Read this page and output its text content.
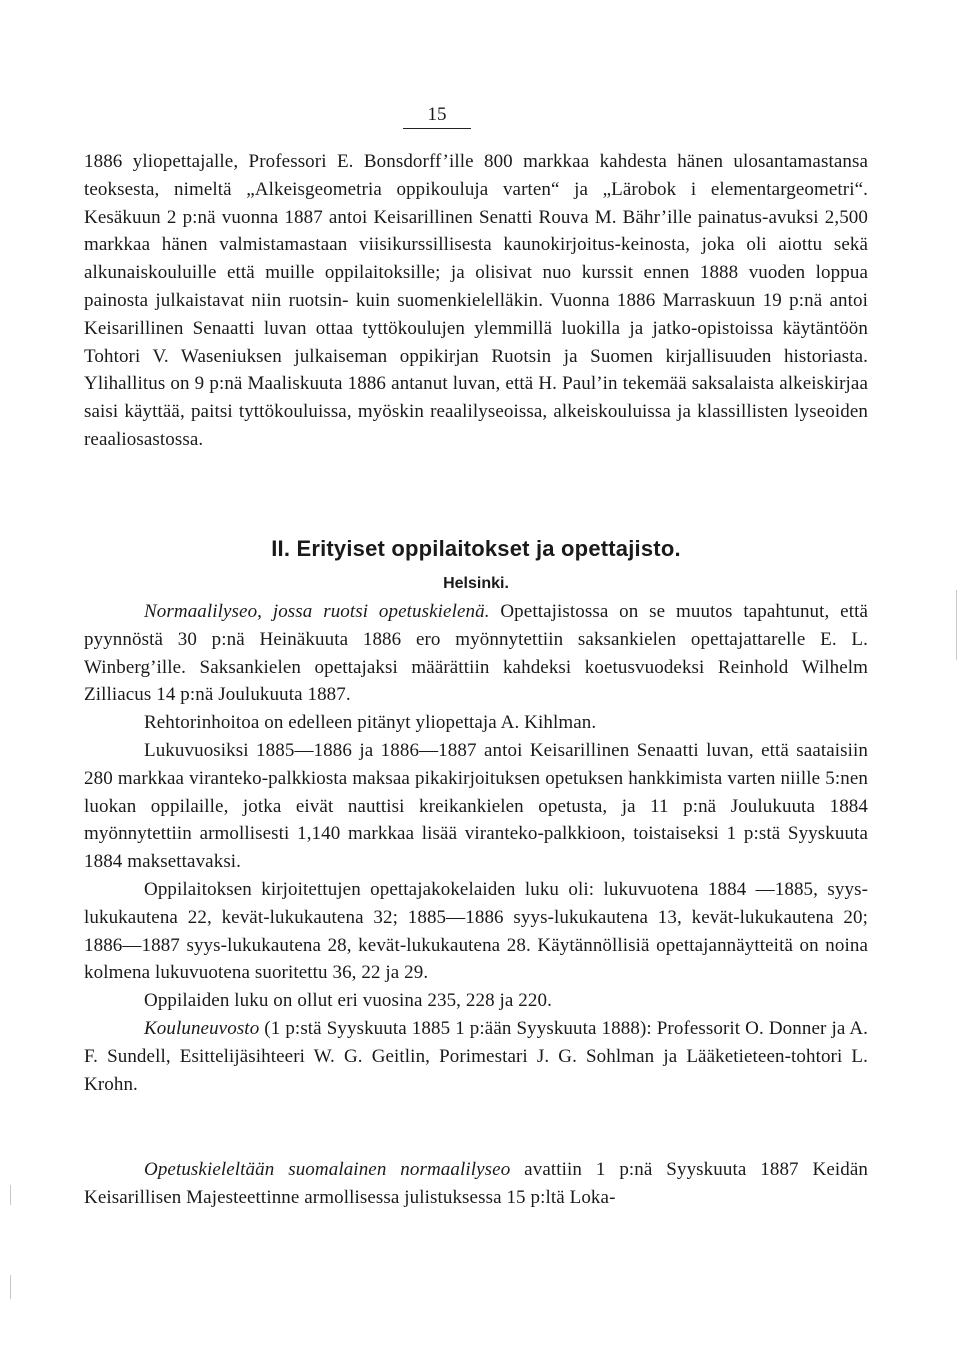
15

1886 yliopettajalle, Professori E. Bonsdorff’ille 800 markkaa kahdesta hänen ulosantamastansa teoksesta, nimeltä „Alkeisgeometria oppikouluja varten“ ja „Lärobok i elementargeometri“. Kesäkuun 2 p:nä vuonna 1887 antoi Keisarillinen Senatti Rouva M. Bähr’ille painatus-avuksi 2,500 markkaa hänen valmistamastaan viisikurssillisesta kaunokirjoitus-keinosta, joka oli aiottu sekä alkunaiskouluille että muille oppilaitoksille; ja olisivat nuo kurssit ennen 1888 vuoden loppua painosta julkaistavat niin ruotsin- kuin suomenkielelläkin. Vuonna 1886 Marraskuun 19 p:nä antoi Keisarillinen Senaatti luvan ottaa tyttökoulujen ylemmillä luokilla ja jatko-opistoissa käytäntöön Tohtori V. Waseniuksen julkaiseman oppikirjan Ruotsin ja Suomen kirjallisuuden historiasta. Ylihallitus on 9 p:nä Maaliskuuta 1886 antanut luvan, että H. Paul’in tekemää saksalaista alkeiskirjaa saisi käyttää, paitsi tyttökouluissa, myöskin reaalilyseoissa, alkeiskouluissa ja klassillisten lyseoiden reaaliosastossa.

II. Erityiset oppilaitokset ja opettajisto.
Helsinki.

Normaalilyseo, jossa ruotsi opetuskielenä. Opettajistossa on se muutos tapahtunut, että pyynnöstä 30 p:nä Heinäkuuta 1886 ero myönnytettiin saksankielen opettajattarelle E. L. Winberg’ille. Saksankielen opettajaksi määrättiin kahdeksi koetusvuodeksi Reinhold Wilhelm Zilliacus 14 p:nä Joulukuuta 1887.

Rehtorinhoitoa on edelleen pitänyt yliopettaja A. Kihlman.

Lukuvuosiksi 1885—1886 ja 1886—1887 antoi Keisarillinen Senaatti luvan, että saataisiin 280 markkaa viranteko-palkkiosta maksaa pikakirjoituksen opetuksen hankkimista varten niille 5:nen luokan oppilaille, jotka eivät nauttisi kreikankielen opetusta, ja 11 p:nä Joulukuuta 1884 myönnytettiin armollisesti 1,140 markkaa lisää viranteko-palkkioon, toistaiseksi 1 p:stä Syyskuuta 1884 maksettavaksi.

Oppilaitoksen kirjoitettujen opettajakokelaiden luku oli: lukuvuotena 1884 —1885, syys-lukukautena 22, kevät-lukukautena 32; 1885—1886 syys-lukukautena 13, kevät-lukukautena 20; 1886—1887 syys-lukukautena 28, kevät-lukukautena 28. Käytännöllisiä opettajannäytteitä on noina kolmena lukuvuotena suoritettu 36, 22 ja 29.

Oppilaiden luku on ollut eri vuosina 235, 228 ja 220.

Kouluneuvosto (1 p:stä Syyskuuta 1885 1 p:ään Syyskuuta 1888): Professorit O. Donner ja A. F. Sundell, Esittelijäsihteeri W. G. Geitlin, Porimestari J. G. Sohlman ja Lääketieteen-tohtori L. Krohn.

Opetuskieleltään suomalainen normaalilyseo avattiin 1 p:nä Syyskuuta 1887 Keidän Keisarillisen Majesteettinne armollisessa julistuksessa 15 p:ltä Loka-
